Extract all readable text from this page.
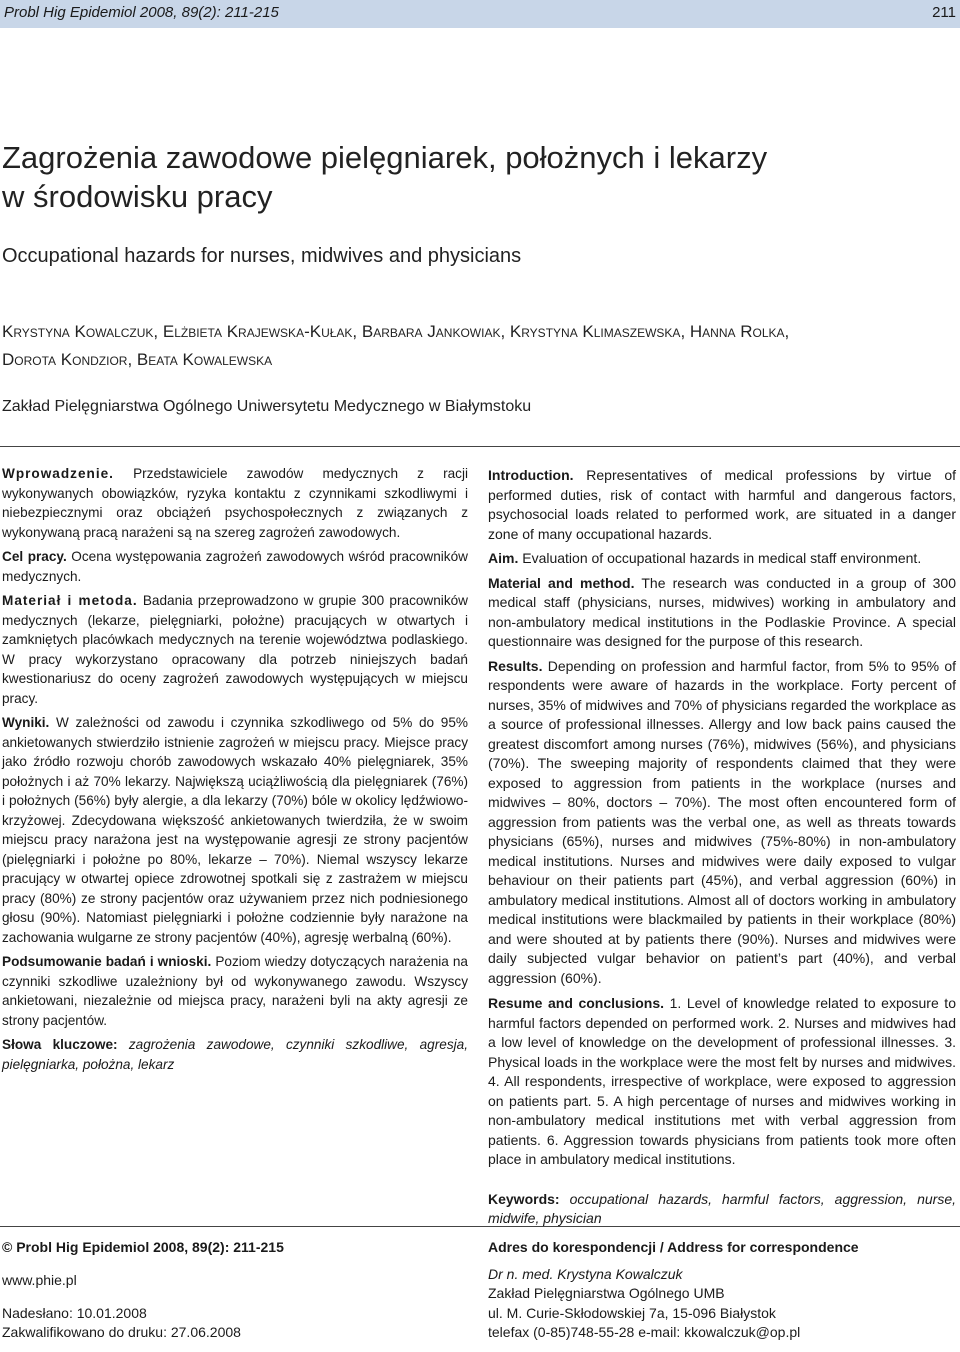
Probl Hig Epidemiol 2008, 89(2): 211-215	211
Zagrożenia zawodowe pielęgniarek, położnych i lekarzy
w środowisku pracy
Occupational hazards for nurses, midwives and physicians
Krystyna Kowalczuk, Elżbieta Krajewska-Kułak, Barbara Jankowiak, Krystyna Klimaszewska, Hanna Rolka,
Dorota Kondzior, Beata Kowalewska
Zakład Pielęgniarstwa Ogólnego Uniwersytetu Medycznego w Białymstoku

Wprowadzenie. Przedstawiciele zawodów medycznych z racji wykonywanych obowiązków, ryzyka kontaktu z czynnikami szkodliwymi i niebezpiecznymi oraz obciążeń psychospołecznych z związanych z wykonywaną pracą narażeni są na szereg zagrożeń zawodowych.

Cel pracy. Ocena występowania zagrożeń zawodowych wśród pracowników medycznych.

Materiał i metoda. Badania przeprowadzono w grupie 300 pracowników medycznych (lekarze, pielęgniarki, położne) pracujących w otwartych i zamkniętych placówkach medycznych na terenie województwa podlaskiego. W pracy wykorzystano opracowany dla potrzeb niniejszych badań kwestionariusz do oceny zagrożeń zawodowych występujących w miejscu pracy.

Wyniki. W zależności od zawodu i czynnika szkodliwego od 5% do 95% ankietowanych stwierdziło istnienie zagrożeń w miejscu pracy. Miejsce pracy jako źródło rozwoju chorób zawodowych wskazało 40% pielęgniarek, 35% położnych i aż 70% lekarzy. Największą uciążliwością dla pielęgniarek (76%) i położnych (56%) były alergie, a dla lekarzy (70%) bóle w okolicy lędźwiowo- krzyżowej. Zdecydowana większość ankietowanych twierdziła, że w swoim miejscu pracy narażona jest na występowanie agresji ze strony pacjentów (pielęgniarki i położne po 80%, lekarze – 70%). Niemal wszyscy lekarze pracujący w otwartej opiece zdrowotnej spotkali się z zastrażem w miejscu pracy (80%) ze strony pacjentów oraz używaniem przez nich podniesionego głosu (90%). Natomiast pielęgniarki i położne codziennie były narażone na zachowania wulgarne ze strony pacjentów (40%), agresję werbalną (60%).

Podsumowanie badań i wnioski. Poziom wiedzy dotyczących narażenia na czynniki szkodliwe uzależniony był od wykonywanego zawodu. Wszyscy ankietowani, niezależnie od miejsca pracy, narażeni byli na akty agresji ze strony pacjentów.

Słowa kluczowe: zagrożenia zawodowe, czynniki szkodliwe, agresja, pielęgniarka, położna, lekarz

Introduction. Representatives of medical professions by virtue of performed duties, risk of contact with harmful and dangerous factors, psychosocial loads related to performed work, are situated in a danger zone of many occupational hazards.

Aim. Evaluation of occupational hazards in medical staff environment.

Material and method. The research was conducted in a group of 300 medical staff (physicians, nurses, midwives) working in ambulatory and non-ambulatory medical institutions in the Podlaskie Province. A special questionnaire was designed for the purpose of this research.

Results. Depending on profession and harmful factor, from 5% to 95% of respondents were aware of hazards in the workplace. Forty percent of nurses, 35% of midwives and 70% of physicians regarded the workplace as a source of professional illnesses. Allergy and low back pains caused the greatest discomfort among nurses (76%), midwives (56%), and physicians (70%). The sweeping majority of respondents claimed that they were exposed to aggression from patients in the workplace (nurses and midwives – 80%, doctors – 70%). The most often encountered form of aggression from patients was the verbal one, as well as threats towards physicians (65%), nurses and midwives (75%-80%) in non-ambulatory medical institutions. Nurses and midwives were daily exposed to vulgar behaviour on their patients part (45%), and verbal aggression (60%) in ambulatory medical institutions. Almost all of doctors working in ambulatory medical institutions were blackmailed by patients in their workplace (80%) and were shouted at by patients there (90%). Nurses and midwives were daily subjected vulgar behavior on patient’s part (40%), and verbal aggression (60%).

Resume and conclusions. 1. Level of knowledge related to exposure to harmful factors depended on performed work. 2. Nurses and midwives had a low level of knowledge on the development of professional illnesses. 3. Physical loads in the workplace were the most felt by nurses and midwives. 4. All respondents, irrespective of workplace, were exposed to aggression on patients part. 5. A high percentage of nurses and midwives working in non-ambulatory medical institutions met with verbal aggression from patients. 6. Aggression towards physicians from patients took more often place in ambulatory medical institutions.

Keywords: occupational hazards, harmful factors, aggression, nurse, midwife, physician

© Probl Hig Epidemiol 2008, 89(2): 211-215
www.phie.pl
Nadesłano: 10.01.2008
Zakwalifikowano do druku: 27.06.2008
Adres do korespondencji / Address for correspondence
Dr n. med. Krystyna Kowalczuk
Zakład Pielęgniarstwa Ogólnego UMB
ul. M. Curie-Skłodowskiej 7a, 15-096 Białystok
telefax (0-85)748-55-28 e-mail: kkowalczuk@op.pl
